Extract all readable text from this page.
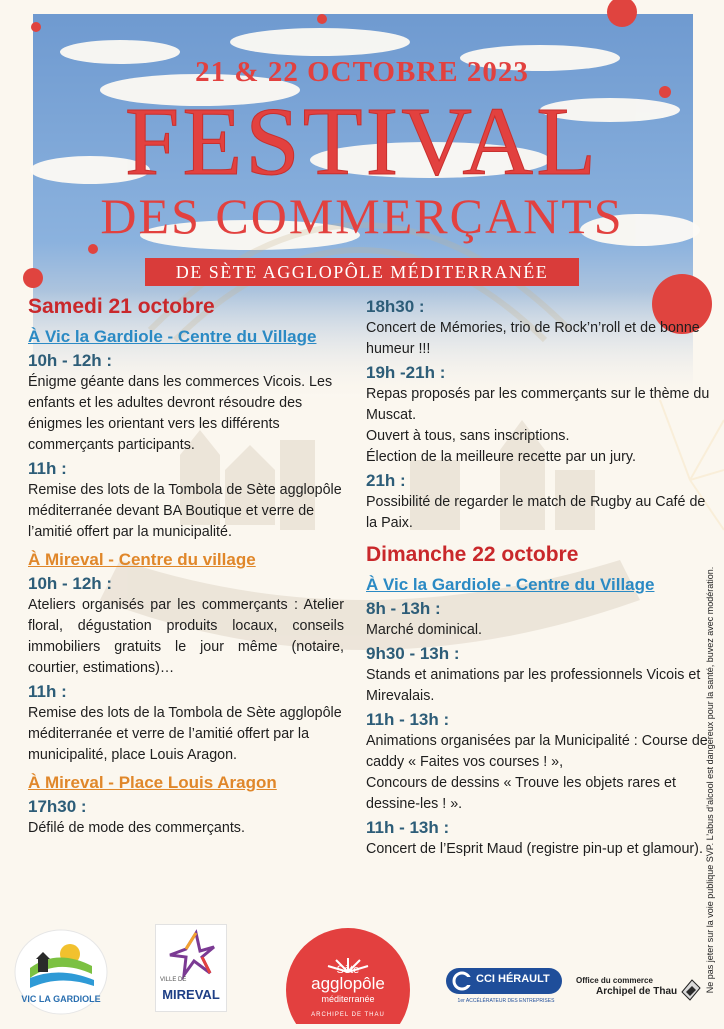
21 & 22 OCTOBRE 2023
FESTIVAL
DES COMMERÇANTS
DE SÈTE AGGLOPÔLE MÉDITERRANÉE
Samedi 21 octobre
À Vic la Gardiole - Centre du Village
10h - 12h :
Énigme géante dans les commerces Vicois. Les enfants et les adultes devront résoudre des énigmes les orientant vers les différents commerçants participants.
11h :
Remise des lots de la Tombola de Sète agglopôle méditerranée devant BA Boutique et verre de l’amitié offert par la municipalité.
À Mireval - Centre du village
10h - 12h :
Ateliers organisés par les commerçants : Atelier floral, dégustation produits locaux, conseils immobiliers gratuits le jour même (notaire, courtier, estimations)…
11h :
Remise des lots de la Tombola de Sète agglopôle méditerranée et verre de l’amitié offert par la municipalité, place Louis Aragon.
À Mireval - Place Louis Aragon
17h30 :
Défilé de mode des commerçants.
18h30 :
Concert de Mémories, trio de Rock’n’roll et de bonne humeur !!!
19h -21h :
Repas proposés par les commerçants sur le thème du Muscat.
Ouvert à tous, sans inscriptions.
Élection de la meilleure recette par un jury.
21h :
Possibilité de regarder le match de Rugby au Café de la Paix.
Dimanche 22 octobre
À Vic la Gardiole - Centre du Village
8h - 13h :
Marché dominical.
9h30 - 13h :
Stands et animations par les professionnels Vicois et Mirevalais.
11h - 13h :
Animations organisées par la Municipalité : Course de caddy « Faites vos courses ! »,
Concours de dessins « Trouve les objets rares et dessine-les ! ».
11h - 13h :
Concert de l’Esprit Maud (registre pin-up et glamour). Ne pas jeter sur la voie publique SVP. L’abus d’alcool est dangereux pour la santé, buvez avec modération.
VIC LA GARDIOLE
VILLE DE
MIREVAL
Sète
agglopôle
méditerranée
ARCHIPEL DE THAU
CCI HÉRAULT
1er ACCÉLÉRATEUR DES ENTREPRISES
Office du commerce
Archipel de Thau
